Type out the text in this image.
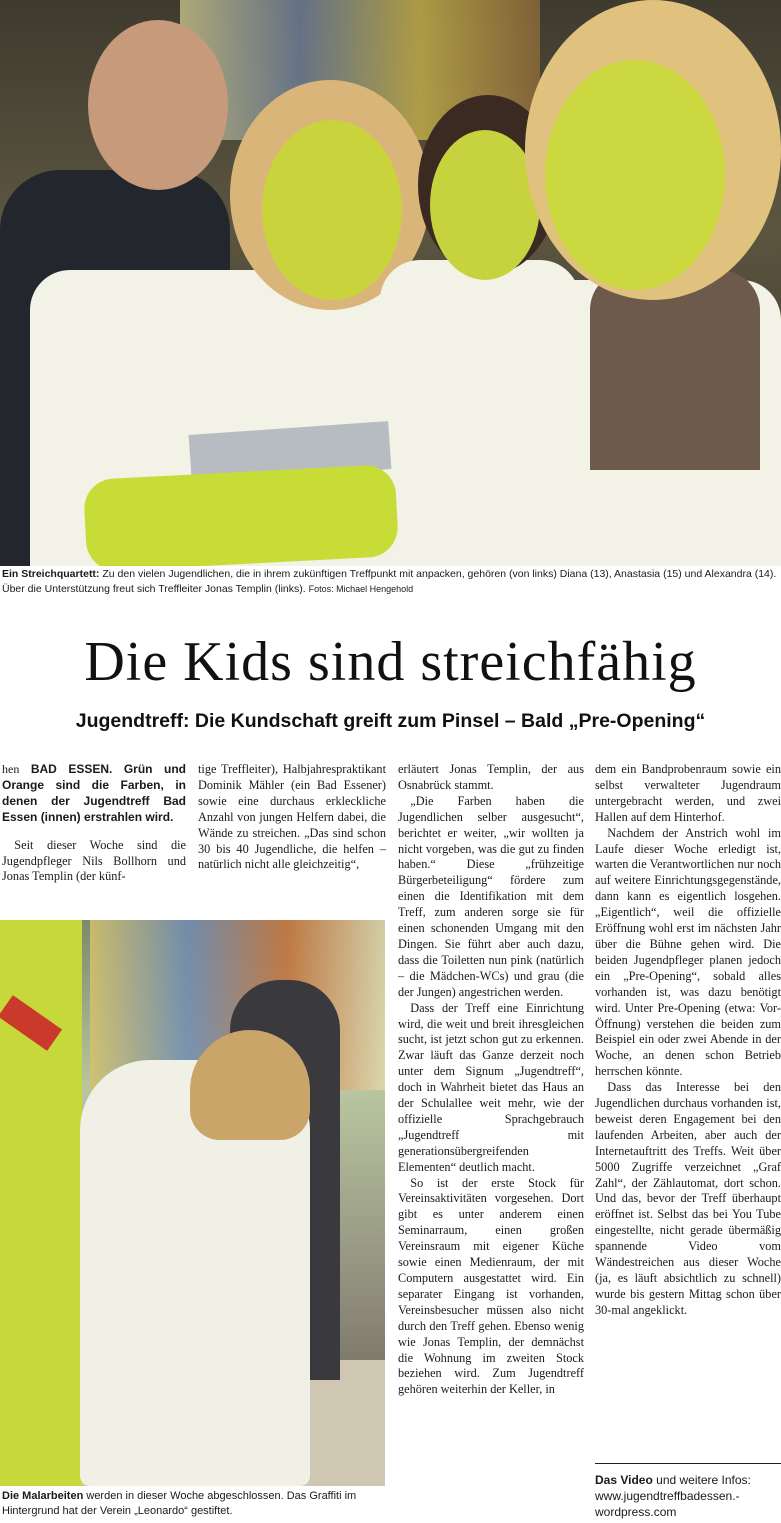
Ein Streichquartett: Zu den vielen Jugendlichen, die in ihrem zukünftigen Treffpunkt mit anpacken, gehören (von links) Diana (13), Anastasia (15) und Alexandra (14). Über die Unterstützung freut sich Treffleiter Jonas Templin (links). Fotos: Michael Hengehold
Die Kids sind streichfähig
Jugendtreff: Die Kundschaft greift zum Pinsel – Bald „Pre-Opening“

hen BAD ESSEN. Grün und Orange sind die Farben, in denen der Jugendtreff Bad Essen (innen) erstrahlen wird.

Seit dieser Woche sind die Jugendpfleger Nils Bollhorn und Jonas Templin (der künf-

tige Treffleiter), Halbjahrespraktikant Dominik Mähler (ein Bad Essener) sowie eine durchaus erkleckliche Anzahl von jungen Helfern dabei, die Wände zu streichen. „Das sind schon 30 bis 40 Jugendliche, die helfen – natürlich nicht alle gleichzeitig“,

Die Malarbeiten werden in dieser Woche abgeschlossen. Das Graffiti im Hintergrund hat der Verein „Leonardo“ gestiftet.

erläutert Jonas Templin, der aus Osnabrück stammt.

„Die Farben haben die Jugendlichen selber ausgesucht“, berichtet er weiter, „wir wollten ja nicht vorgeben, was die gut zu finden haben.“ Diese „frühzeitige Bürgerbeteiligung“ fördere zum einen die Identifikation mit dem Treff, zum anderen sorge sie für einen schonenden Umgang mit den Dingen. Sie führt aber auch dazu, dass die Toiletten nun pink (natürlich – die Mädchen-WCs) und grau (die der Jungen) angestrichen werden.

Dass der Treff eine Einrichtung wird, die weit und breit ihresgleichen sucht, ist jetzt schon gut zu erkennen. Zwar läuft das Ganze derzeit noch unter dem Signum „Jugendtreff“, doch in Wahrheit bietet das Haus an der Schulallee weit mehr, wie der offizielle Sprachgebrauch „Jugendtreff mit generationsübergreifenden Elementen“ deutlich macht.

So ist der erste Stock für Vereinsaktivitäten vorgesehen. Dort gibt es unter anderem einen Seminarraum, einen großen Vereinsraum mit eigener Küche sowie einen Medienraum, der mit Computern ausgestattet wird. Ein separater Eingang ist vorhanden, Vereinsbesucher müssen also nicht durch den Treff gehen. Ebenso wenig wie Jonas Templin, der demnächst die Wohnung im zweiten Stock beziehen wird. Zum Jugendtreff gehören weiterhin der Keller, in

dem ein Bandprobenraum sowie ein selbst verwalteter Jugendraum untergebracht werden, und zwei Hallen auf dem Hinterhof.

Nachdem der Anstrich wohl im Laufe dieser Woche erledigt ist, warten die Verantwortlichen nur noch auf weitere Einrichtungsgegenstände, dann kann es eigentlich losgehen. „Eigentlich“, weil die offizielle Eröffnung wohl erst im nächsten Jahr über die Bühne gehen wird. Die beiden Jugendpfleger planen jedoch ein „Pre-Opening“, sobald alles vorhanden ist, was dazu benötigt wird. Unter Pre-Opening (etwa: Vor-Öffnung) verstehen die beiden zum Beispiel ein oder zwei Abende in der Woche, an denen schon Betrieb herrschen könnte.

Dass das Interesse bei den Jugendlichen durchaus vorhanden ist, beweist deren Engagement bei den laufenden Arbeiten, aber auch der Internetauftritt des Treffs. Weit über 5000 Zugriffe verzeichnet „Graf Zahl“, der Zählautomat, dort schon. Und das, bevor der Treff überhaupt eröffnet ist. Selbst das bei You Tube eingestellte, nicht gerade übermäßig spannende Video vom Wändestreichen aus dieser Woche (ja, es läuft absichtlich zu schnell) wurde bis gestern Mittag schon über 30-mal angeklickt.

Das Video und weitere Infos:
www.jugendtreffbadessen.-wordpress.com
